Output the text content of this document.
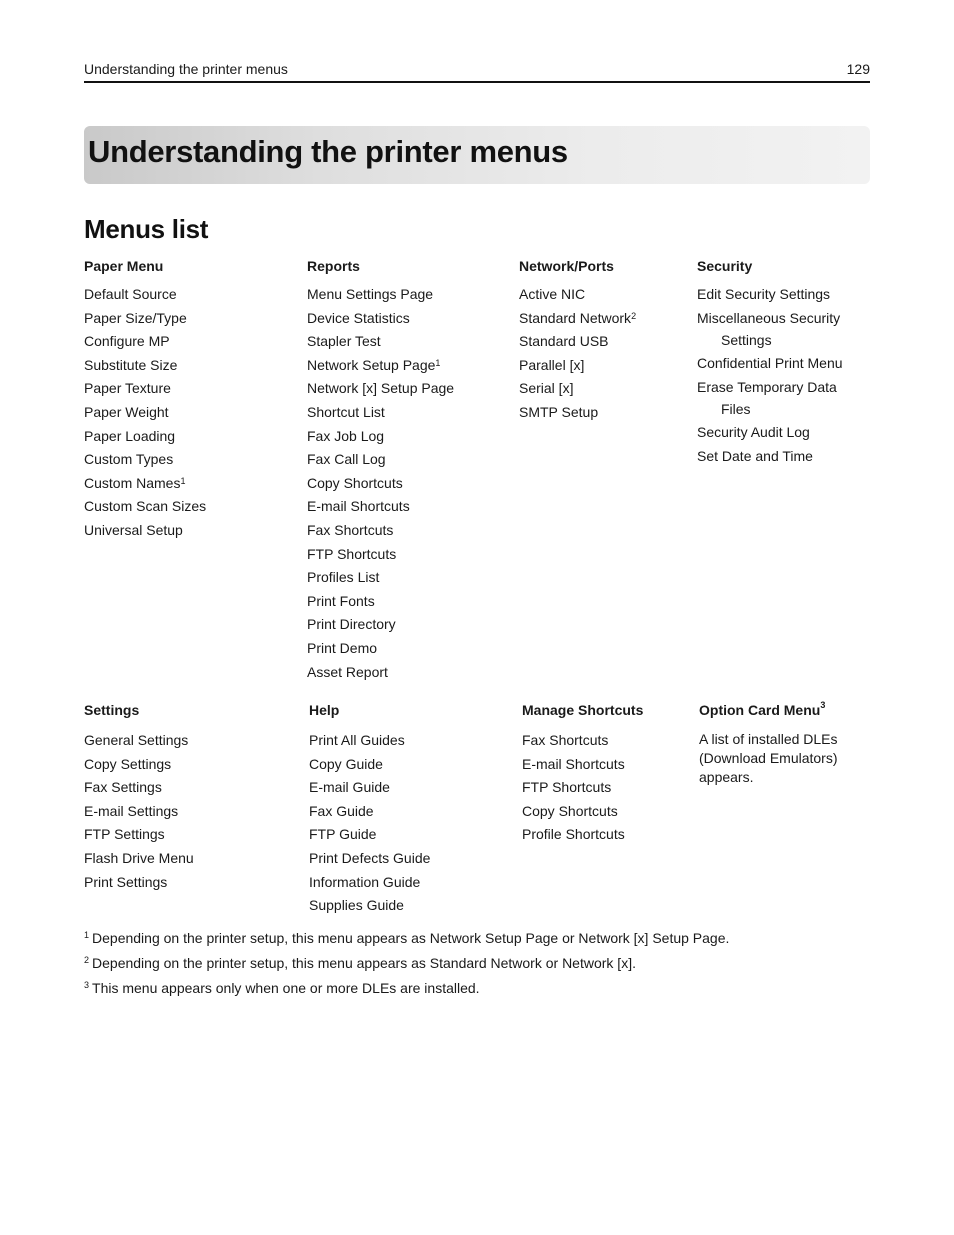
Understanding the printer menus	129
Understanding the printer menus
Menus list
Paper Menu
Default Source
Paper Size/Type
Configure MP
Substitute Size
Paper Texture
Paper Weight
Paper Loading
Custom Types
Custom Names$^1$
Custom Scan Sizes
Universal Setup
Reports
Menu Settings Page
Device Statistics
Stapler Test
Network Setup Page$^1$
Network [x] Setup Page
Shortcut List
Fax Job Log
Fax Call Log
Copy Shortcuts
E-mail Shortcuts
Fax Shortcuts
FTP Shortcuts
Profiles List
Print Fonts
Print Directory
Print Demo
Asset Report
Network/Ports
Active NIC
Standard Network$^2$
Standard USB
Parallel [x]
Serial [x]
SMTP Setup
Security
Edit Security Settings
Miscellaneous Security
Settings
Confidential Print Menu
Erase Temporary Data
Files
Security Audit Log
Set Date and Time
Settings
General Settings
Copy Settings
Fax Settings
E-mail Settings
FTP Settings
Flash Drive Menu
Print Settings
Help
Print All Guides
Copy Guide
E-mail Guide
Fax Guide
FTP Guide
Print Defects Guide
Information Guide
Supplies Guide
Manage Shortcuts
Fax Shortcuts
E-mail Shortcuts
FTP Shortcuts
Copy Shortcuts
Profile Shortcuts
Option Card Menu$^3$
A list of installed DLEs (Download Emulators) appears.

$^1$ Depending on the printer setup, this menu appears as Network Setup Page or Network [x] Setup Page.

$^2$ Depending on the printer setup, this menu appears as Standard Network or Network [x].

$^3$ This menu appears only when one or more DLEs are installed.
